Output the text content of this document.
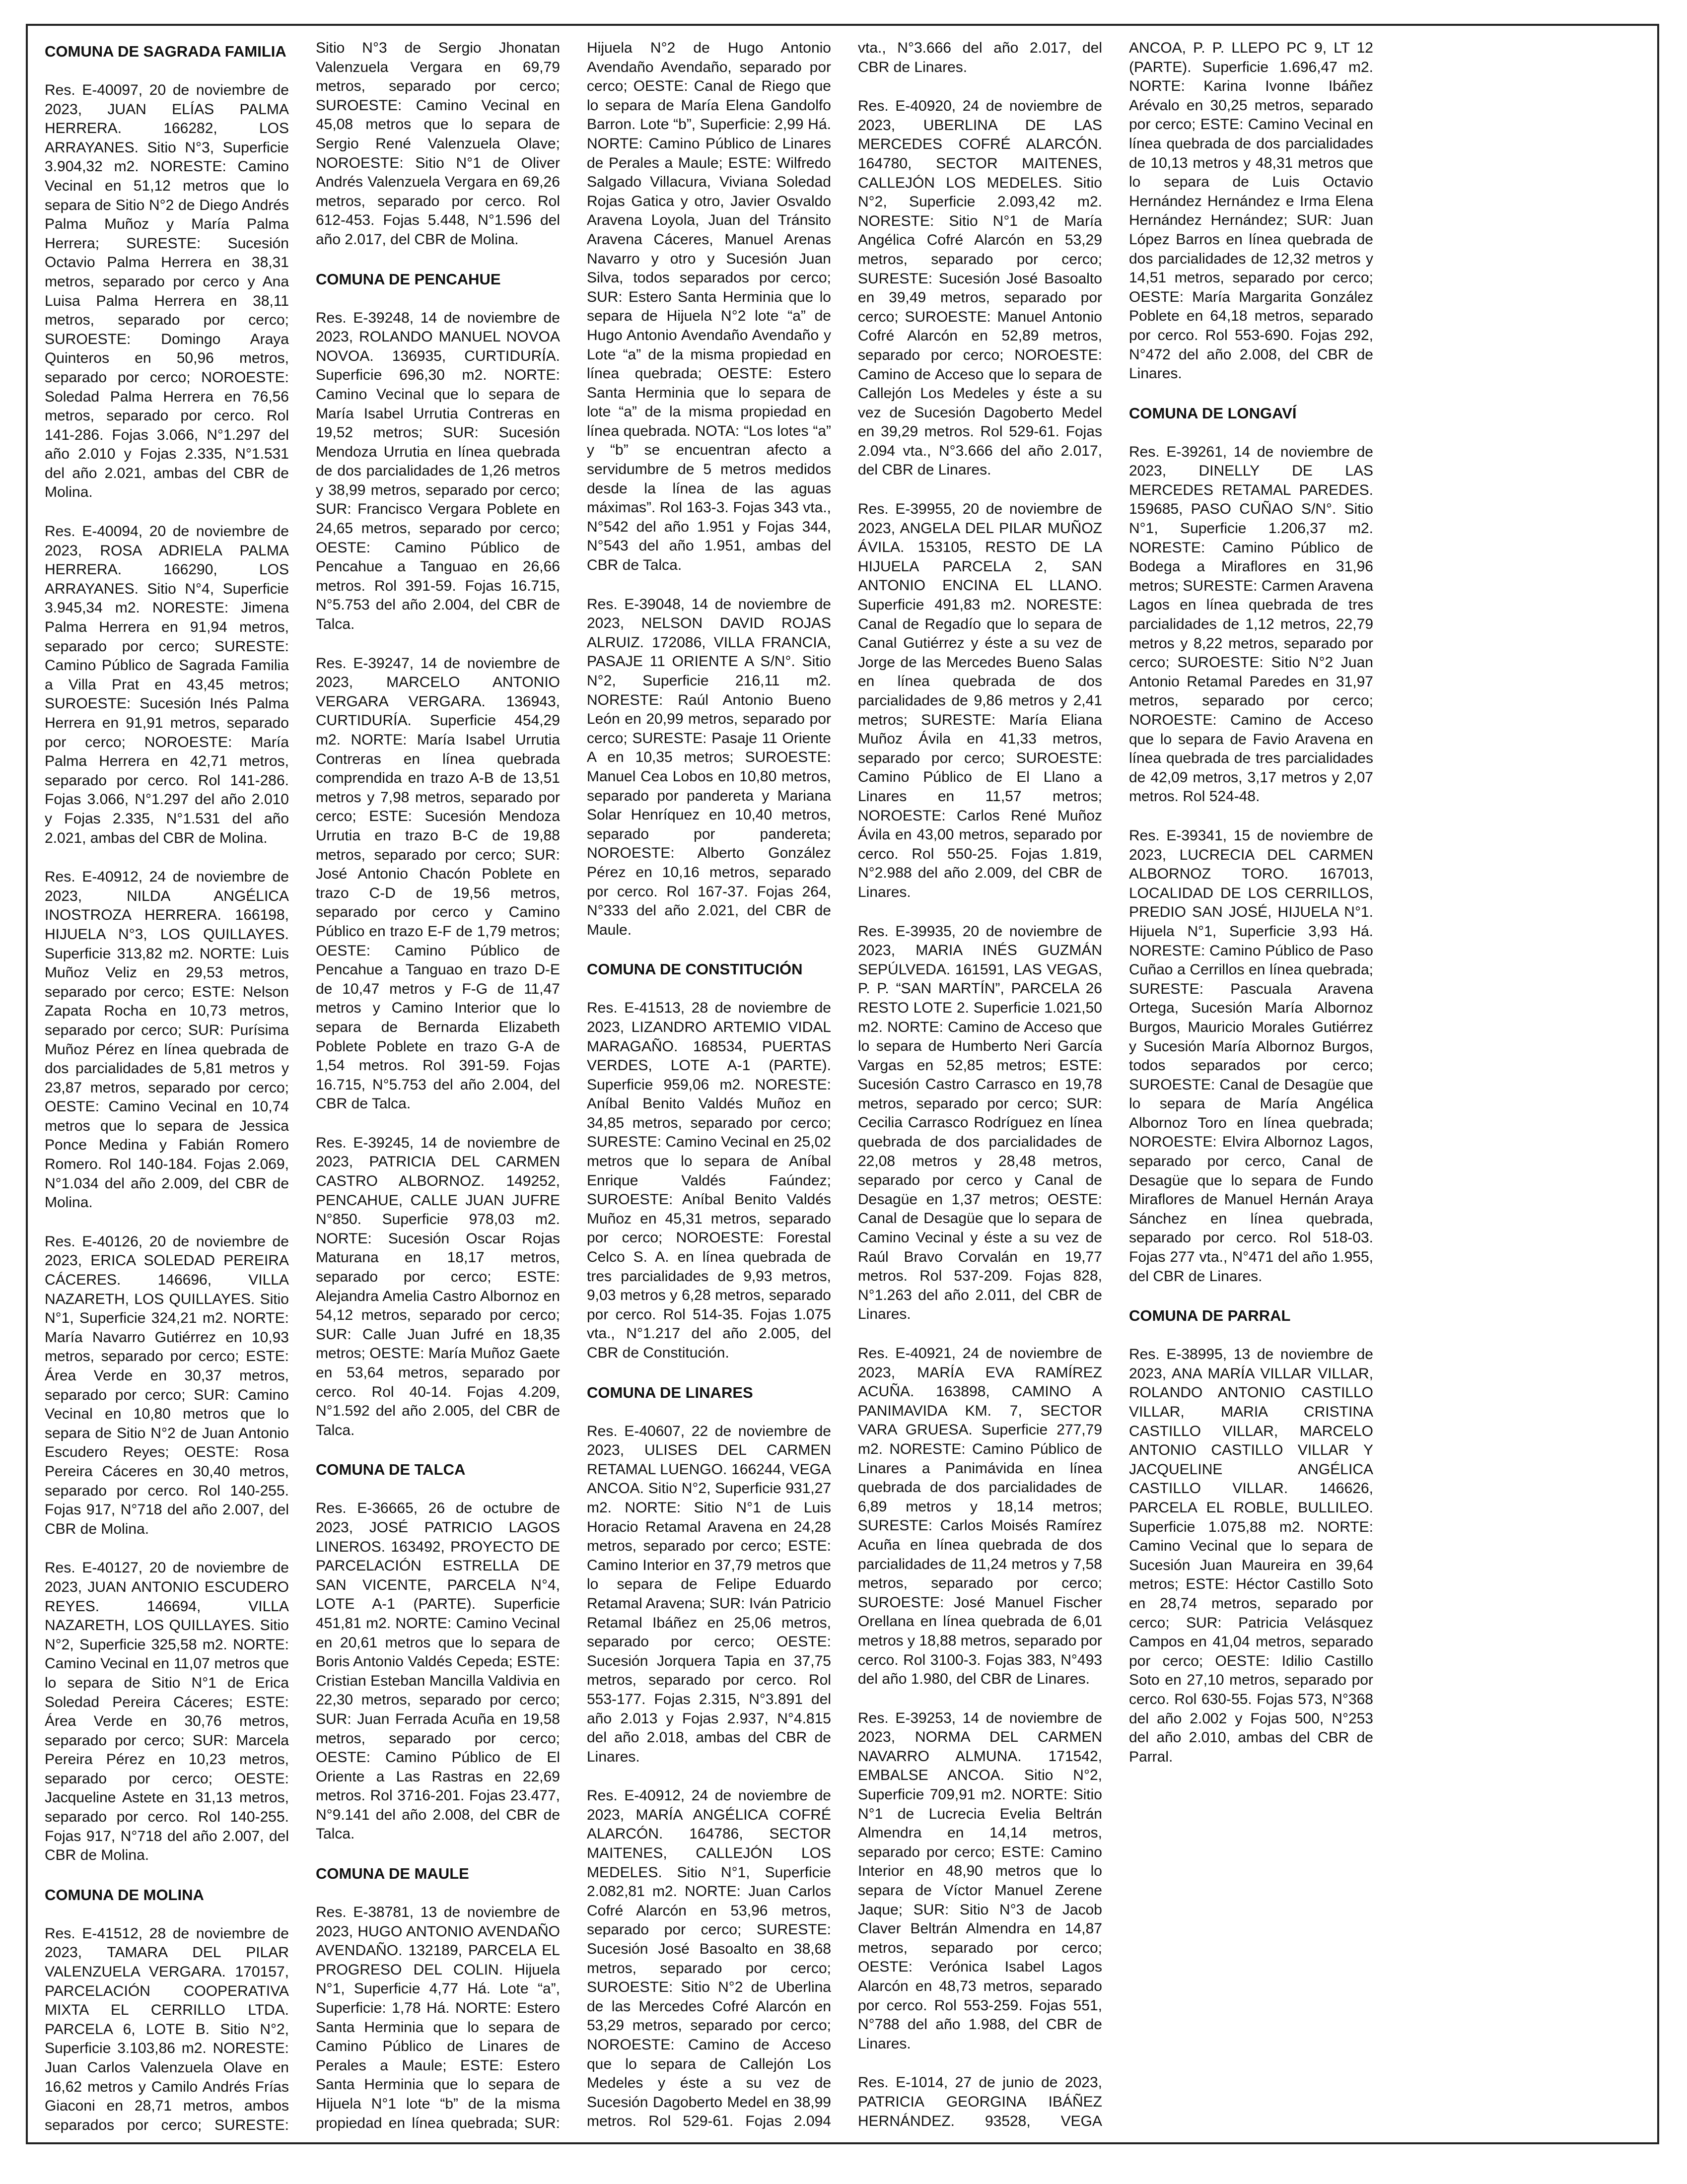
COMUNA DE SAGRADA FAMILIA

Res. E-40097, 20 de noviembre de 2023, JUAN ELÍAS PALMA HERRERA. 166282, LOS ARRAYANES. Sitio N°3, Superficie 3.904,32 m2. NORESTE: Camino Vecinal en 51,12 metros que lo separa de Sitio N°2 de Diego Andrés Palma Muñoz y María Palma Herrera; SURESTE: Sucesión Octavio Palma Herrera en 38,31 metros, separado por cerco y Ana Luisa Palma Herrera en 38,11 metros, separado por cerco; SUROESTE: Domingo Araya Quinteros en 50,96 metros, separado por cerco; NOROESTE: Soledad Palma Herrera en 76,56 metros, separado por cerco. Rol 141-286. Fojas 3.066, N°1.297 del año 2.010 y Fojas 2.335, N°1.531 del año 2.021, ambas del CBR de Molina.

Res. E-40094, 20 de noviembre de 2023, ROSA ADRIELA PALMA HERRERA. 166290, LOS ARRAYANES. Sitio N°4, Superficie 3.945,34 m2. NORESTE: Jimena Palma Herrera en 91,94 metros, separado por cerco; SURESTE: Camino Público de Sagrada Familia a Villa Prat en 43,45 metros; SUROESTE: Sucesión Inés Palma Herrera en 91,91 metros, separado por cerco; NOROESTE: María Palma Herrera en 42,71 metros, separado por cerco. Rol 141-286. Fojas 3.066, N°1.297 del año 2.010 y Fojas 2.335, N°1.531 del año 2.021, ambas del CBR de Molina.

Res. E-40912, 24 de noviembre de 2023, NILDA ANGÉLICA INOSTROZA HERRERA. 166198, HIJUELA N°3, LOS QUILLAYES. Superficie 313,82 m2. NORTE: Luis Muñoz Veliz en 29,53 metros, separado por cerco; ESTE: Nelson Zapata Rocha en 10,73 metros, separado por cerco; SUR: Purísima Muñoz Pérez en línea quebrada de dos parcialidades de 5,81 metros y 23,87 metros, separado por cerco; OESTE: Camino Vecinal en 10,74 metros que lo separa de Jessica Ponce Medina y Fabián Romero Romero. Rol 140-184. Fojas 2.069, N°1.034 del año 2.009, del CBR de Molina.

Res. E-40126, 20 de noviembre de 2023, ERICA SOLEDAD PEREIRA CÁCERES. 146696, VILLA NAZARETH, LOS QUILLAYES. Sitio N°1, Superficie 324,21 m2. NORTE: María Navarro Gutiérrez en 10,93 metros, separado por cerco; ESTE: Área Verde en 30,37 metros, separado por cerco; SUR: Camino Vecinal en 10,80 metros que lo separa de Sitio N°2 de Juan Antonio Escudero Reyes; OESTE: Rosa Pereira Cáceres en 30,40 metros, separado por cerco. Rol 140-255. Fojas 917, N°718 del año 2.007, del CBR de Molina.

Res. E-40127, 20 de noviembre de 2023, JUAN ANTONIO ESCUDERO REYES. 146694, VILLA NAZARETH, LOS QUILLAYES. Sitio N°2, Superficie 325,58 m2. NORTE: Camino Vecinal en 11,07 metros que lo separa de Sitio N°1 de Erica Soledad Pereira Cáceres; ESTE: Área Verde en 30,76 metros, separado por cerco; SUR: Marcela Pereira Pérez en 10,23 metros, separado por cerco; OESTE: Jacqueline Astete en 31,13 metros, separado por cerco. Rol 140-255. Fojas 917, N°718 del año 2.007, del CBR de Molina.

COMUNA DE MOLINA

Res. E-41512, 28 de noviembre de 2023, TAMARA DEL PILAR VALENZUELA VERGARA. 170157, PARCELACIÓN COOPERATIVA MIXTA EL CERRILLO LTDA. PARCELA 6, LOTE B. Sitio N°2, Superficie 3.103,86 m2. NORESTE: Juan Carlos Valenzuela Olave en 16,62 metros y Camilo Andrés Frías Giaconi en 28,71 metros, ambos separados por cerco; SURESTE: Sitio N°3 de Sergio Jhonatan Valenzuela Vergara en 69,79 metros, separado por cerco; SUROESTE: Camino Vecinal en 45,08 metros que lo separa de Sergio René Valenzuela Olave; NOROESTE: Sitio N°1 de Oliver Andrés Valenzuela Vergara en 69,26 metros, separado por cerco. Rol 612-453. Fojas 5.448, N°1.596 del año 2.017, del CBR de Molina.

COMUNA DE PENCAHUE

Res. E-39248, 14 de noviembre de 2023, ROLANDO MANUEL NOVOA NOVOA. 136935, CURTIDURÍA. Superficie 696,30 m2. NORTE: Camino Vecinal que lo separa de María Isabel Urrutia Contreras en 19,52 metros; SUR: Sucesión Mendoza Urrutia en línea quebrada de dos parcialidades de 1,26 metros y 38,99 metros, separado por cerco; SUR: Francisco Vergara Poblete en 24,65 metros, separado por cerco; OESTE: Camino Público de Pencahue a Tanguao en 26,66 metros. Rol 391-59. Fojas 16.715, N°5.753 del año 2.004, del CBR de Talca.

Res. E-39247, 14 de noviembre de 2023, MARCELO ANTONIO VERGARA VERGARA. 136943, CURTIDURÍA. Superficie 454,29 m2. NORTE: María Isabel Urrutia Contreras en línea quebrada comprendida en trazo A-B de 13,51 metros y 7,98 metros, separado por cerco; ESTE: Sucesión Mendoza Urrutia en trazo B-C de 19,88 metros, separado por cerco; SUR: José Antonio Chacón Poblete en trazo C-D de 19,56 metros, separado por cerco y Camino Público en trazo E-F de 1,79 metros; OESTE: Camino Público de Pencahue a Tanguao en trazo D-E de 10,47 metros y F-G de 11,47 metros y Camino Interior que lo separa de Bernarda Elizabeth Poblete Poblete en trazo G-A de 1,54 metros. Rol 391-59. Fojas 16.715, N°5.753 del año 2.004, del CBR de Talca.

Res. E-39245, 14 de noviembre de 2023, PATRICIA DEL CARMEN CASTRO ALBORNOZ. 149252, PENCAHUE, CALLE JUAN JUFRE N°850. Superficie 978,03 m2. NORTE: Sucesión Oscar Rojas Maturana en 18,17 metros, separado por cerco; ESTE: Alejandra Amelia Castro Albornoz en 54,12 metros, separado por cerco; SUR: Calle Juan Jufré en 18,35 metros; OESTE: María Muñoz Gaete en 53,64 metros, separado por cerco. Rol 40-14. Fojas 4.209, N°1.592 del año 2.005, del CBR de Talca.

COMUNA DE TALCA

Res. E-36665, 26 de octubre de 2023, JOSÉ PATRICIO LAGOS LINEROS. 163492, PROYECTO DE PARCELACIÓN ESTRELLA DE SAN VICENTE, PARCELA N°4, LOTE A-1 (PARTE). Superficie 451,81 m2. NORTE: Camino Vecinal en 20,61 metros que lo separa de Boris Antonio Valdés Cepeda; ESTE: Cristian Esteban Mancilla Valdivia en 22,30 metros, separado por cerco; SUR: Juan Ferrada Acuña en 19,58 metros, separado por cerco; OESTE: Camino Público de El Oriente a Las Rastras en 22,69 metros. Rol 3716-201. Fojas 23.477, N°9.141 del año 2.008, del CBR de Talca.

COMUNA DE MAULE

Res. E-38781, 13 de noviembre de 2023, HUGO ANTONIO AVENDAÑO AVENDAÑO. 132189, PARCELA EL PROGRESO DEL COLIN. Hijuela N°1, Superficie 4,77 Há. Lote “a”, Superficie: 1,78 Há. NORTE: Estero Santa Herminia que lo separa de Camino Público de Linares de Perales a Maule; ESTE: Estero Santa Herminia que lo separa de Hijuela N°1 lote “b” de la misma propiedad en línea quebrada; SUR: Hijuela N°2 de Hugo Antonio Avendaño Avendaño, separado por cerco; OESTE: Canal de Riego que lo separa de María Elena Gandolfo Barron. Lote “b”, Superficie: 2,99 Há. NORTE: Camino Público de Linares de Perales a Maule; ESTE: Wilfredo Salgado Villacura, Viviana Soledad Rojas Gatica y otro, Javier Osvaldo Aravena Loyola, Juan del Tránsito Aravena Cáceres, Manuel Arenas Navarro y otro y Sucesión Juan Silva, todos separados por cerco; SUR: Estero Santa Herminia que lo separa de Hijuela N°2 lote “a” de Hugo Antonio Avendaño Avendaño y Lote “a” de la misma propiedad en línea quebrada; OESTE: Estero Santa Herminia que lo separa de lote “a” de la misma propiedad en línea quebrada. NOTA: “Los lotes “a” y “b” se encuentran afecto a servidumbre de 5 metros medidos desde la línea de las aguas máximas”. Rol 163-3. Fojas 343 vta., N°542 del año 1.951 y Fojas 344, N°543 del año 1.951, ambas del CBR de Talca.

Res. E-39048, 14 de noviembre de 2023, NELSON DAVID ROJAS ALRUIZ. 172086, VILLA FRANCIA, PASAJE 11 ORIENTE A S/N°. Sitio N°2, Superficie 216,11 m2. NORESTE: Raúl Antonio Bueno León en 20,99 metros, separado por cerco; SURESTE: Pasaje 11 Oriente A en 10,35 metros; SUROESTE: Manuel Cea Lobos en 10,80 metros, separado por pandereta y Mariana Solar Henríquez en 10,40 metros, separado por pandereta; NOROESTE: Alberto González Pérez en 10,16 metros, separado por cerco. Rol 167-37. Fojas 264, N°333 del año 2.021, del CBR de Maule.

COMUNA DE CONSTITUCIÓN

Res. E-41513, 28 de noviembre de 2023, LIZANDRO ARTEMIO VIDAL MARAGAÑO. 168534, PUERTAS VERDES, LOTE A-1 (PARTE). Superficie 959,06 m2. NORESTE: Aníbal Benito Valdés Muñoz en 34,85 metros, separado por cerco; SURESTE: Camino Vecinal en 25,02 metros que lo separa de Aníbal Enrique Valdés Faúndez; SUROESTE: Aníbal Benito Valdés Muñoz en 45,31 metros, separado por cerco; NOROESTE: Forestal Celco S. A. en línea quebrada de tres parcialidades de 9,93 metros, 9,03 metros y 6,28 metros, separado por cerco. Rol 514-35. Fojas 1.075 vta., N°1.217 del año 2.005, del CBR de Constitución.

COMUNA DE LINARES

Res. E-40607, 22 de noviembre de 2023, ULISES DEL CARMEN RETAMAL LUENGO. 166244, VEGA ANCOA. Sitio N°2, Superficie 931,27 m2. NORTE: Sitio N°1 de Luis Horacio Retamal Aravena en 24,28 metros, separado por cerco; ESTE: Camino Interior en 37,79 metros que lo separa de Felipe Eduardo Retamal Aravena; SUR: Iván Patricio Retamal Ibáñez en 25,06 metros, separado por cerco; OESTE: Sucesión Jorquera Tapia en 37,75 metros, separado por cerco. Rol 553-177. Fojas 2.315, N°3.891 del año 2.013 y Fojas 2.937, N°4.815 del año 2.018, ambas del CBR de Linares.

Res. E-40912, 24 de noviembre de 2023, MARÍA ANGÉLICA COFRÉ ALARCÓN. 164786, SECTOR MAITENES, CALLEJÓN LOS MEDELES. Sitio N°1, Superficie 2.082,81 m2. NORTE: Juan Carlos Cofré Alarcón en 53,96 metros, separado por cerco; SURESTE: Sucesión José Basoalto en 38,68 metros, separado por cerco; SUROESTE: Sitio N°2 de Uberlina de las Mercedes Cofré Alarcón en 53,29 metros, separado por cerco; NOROESTE: Camino de Acceso que lo separa de Callejón Los Medeles y éste a su vez de Sucesión Dagoberto Medel en 38,99 metros. Rol 529-61. Fojas 2.094 vta., N°3.666 del año 2.017, del CBR de Linares.

Res. E-40920, 24 de noviembre de 2023, UBERLINA DE LAS MERCEDES COFRÉ ALARCÓN. 164780, SECTOR MAITENES, CALLEJÓN LOS MEDELES. Sitio N°2, Superficie 2.093,42 m2. NORESTE: Sitio N°1 de María Angélica Cofré Alarcón en 53,29 metros, separado por cerco; SURESTE: Sucesión José Basoalto en 39,49 metros, separado por cerco; SUROESTE: Manuel Antonio Cofré Alarcón en 52,89 metros, separado por cerco; NOROESTE: Camino de Acceso que lo separa de Callejón Los Medeles y éste a su vez de Sucesión Dagoberto Medel en 39,29 metros. Rol 529-61. Fojas 2.094 vta., N°3.666 del año 2.017, del CBR de Linares.

Res. E-39955, 20 de noviembre de 2023, ANGELA DEL PILAR MUÑOZ ÁVILA. 153105, RESTO DE LA HIJUELA PARCELA 2, SAN ANTONIO ENCINA EL LLANO. Superficie 491,83 m2. NORESTE: Canal de Regadío que lo separa de Canal Gutiérrez y éste a su vez de Jorge de las Mercedes Bueno Salas en línea quebrada de dos parcialidades de 9,86 metros y 2,41 metros; SURESTE: María Eliana Muñoz Ávila en 41,33 metros, separado por cerco; SUROESTE: Camino Público de El Llano a Linares en 11,57 metros; NOROESTE: Carlos René Muñoz Ávila en 43,00 metros, separado por cerco. Rol 550-25. Fojas 1.819, N°2.988 del año 2.009, del CBR de Linares.

Res. E-39935, 20 de noviembre de 2023, MARIA INÉS GUZMÁN SEPÚLVEDA. 161591, LAS VEGAS, P. P. “SAN MARTÍN”, PARCELA 26 RESTO LOTE 2. Superficie 1.021,50 m2. NORTE: Camino de Acceso que lo separa de Humberto Neri García Vargas en 52,85 metros; ESTE: Sucesión Castro Carrasco en 19,78 metros, separado por cerco; SUR: Cecilia Carrasco Rodríguez en línea quebrada de dos parcialidades de 22,08 metros y 28,48 metros, separado por cerco y Canal de Desagüe en 1,37 metros; OESTE: Canal de Desagüe que lo separa de Camino Vecinal y éste a su vez de Raúl Bravo Corvalán en 19,77 metros. Rol 537-209. Fojas 828, N°1.263 del año 2.011, del CBR de Linares.

Res. E-40921, 24 de noviembre de 2023, MARÍA EVA RAMÍREZ ACUÑA. 163898, CAMINO A PANIMAVIDA KM. 7, SECTOR VARA GRUESA. Superficie 277,79 m2. NORESTE: Camino Público de Linares a Panimávida en línea quebrada de dos parcialidades de 6,89 metros y 18,14 metros; SURESTE: Carlos Moisés Ramírez Acuña en línea quebrada de dos parcialidades de 11,24 metros y 7,58 metros, separado por cerco; SUROESTE: José Manuel Fischer Orellana en línea quebrada de 6,01 metros y 18,88 metros, separado por cerco. Rol 3100-3. Fojas 383, N°493 del año 1.980, del CBR de Linares.

Res. E-39253, 14 de noviembre de 2023, NORMA DEL CARMEN NAVARRO ALMUNA. 171542, EMBALSE ANCOA. Sitio N°2, Superficie 709,91 m2. NORTE: Sitio N°1 de Lucrecia Evelia Beltrán Almendra en 14,14 metros, separado por cerco; ESTE: Camino Interior en 48,90 metros que lo separa de Víctor Manuel Zerene Jaque; SUR: Sitio N°3 de Jacob Claver Beltrán Almendra en 14,87 metros, separado por cerco; OESTE: Verónica Isabel Lagos Alarcón en 48,73 metros, separado por cerco. Rol 553-259. Fojas 551, N°788 del año 1.988, del CBR de Linares.

Res. E-1014, 27 de junio de 2023, PATRICIA GEORGINA IBÁÑEZ HERNÁNDEZ. 93528, VEGA ANCOA, P. P. LLEPO PC 9, LT 12 (PARTE). Superficie 1.696,47 m2. NORTE: Karina Ivonne Ibáñez Arévalo en 30,25 metros, separado por cerco; ESTE: Camino Vecinal en línea quebrada de dos parcialidades de 10,13 metros y 48,31 metros que lo separa de Luis Octavio Hernández Hernández e Irma Elena Hernández Hernández; SUR: Juan López Barros en línea quebrada de dos parcialidades de 12,32 metros y 14,51 metros, separado por cerco; OESTE: María Margarita González Poblete en 64,18 metros, separado por cerco. Rol 553-690. Fojas 292, N°472 del año 2.008, del CBR de Linares.

COMUNA DE LONGAVÍ

Res. E-39261, 14 de noviembre de 2023, DINELLY DE LAS MERCEDES RETAMAL PAREDES. 159685, PASO CUÑAO S/N°. Sitio N°1, Superficie 1.206,37 m2. NORESTE: Camino Público de Bodega a Miraflores en 31,96 metros; SURESTE: Carmen Aravena Lagos en línea quebrada de tres parcialidades de 1,12 metros, 22,79 metros y 8,22 metros, separado por cerco; SUROESTE: Sitio N°2 Juan Antonio Retamal Paredes en 31,97 metros, separado por cerco; NOROESTE: Camino de Acceso que lo separa de Favio Aravena en línea quebrada de tres parcialidades de 42,09 metros, 3,17 metros y 2,07 metros. Rol 524-48.

Res. E-39341, 15 de noviembre de 2023, LUCRECIA DEL CARMEN ALBORNOZ TORO. 167013, LOCALIDAD DE LOS CERRILLOS, PREDIO SAN JOSÉ, HIJUELA N°1. Hijuela N°1, Superficie 3,93 Há. NORESTE: Camino Público de Paso Cuñao a Cerrillos en línea quebrada; SURESTE: Pascuala Aravena Ortega, Sucesión María Albornoz Burgos, Mauricio Morales Gutiérrez y Sucesión María Albornoz Burgos, todos separados por cerco; SUROESTE: Canal de Desagüe que lo separa de María Angélica Albornoz Toro en línea quebrada; NOROESTE: Elvira Albornoz Lagos, separado por cerco, Canal de Desagüe que lo separa de Fundo Miraflores de Manuel Hernán Araya Sánchez en línea quebrada, separado por cerco. Rol 518-03. Fojas 277 vta., N°471 del año 1.955, del CBR de Linares.

COMUNA DE PARRAL

Res. E-38995, 13 de noviembre de 2023, ANA MARÍA VILLAR VILLAR, ROLANDO ANTONIO CASTILLO VILLAR, MARIA CRISTINA CASTILLO VILLAR, MARCELO ANTONIO CASTILLO VILLAR Y JACQUELINE ANGÉLICA CASTILLO VILLAR. 146626, PARCELA EL ROBLE, BULLILEO. Superficie 1.075,88 m2. NORTE: Camino Vecinal que lo separa de Sucesión Juan Maureira en 39,64 metros; ESTE: Héctor Castillo Soto en 28,74 metros, separado por cerco; SUR: Patricia Velásquez Campos en 41,04 metros, separado por cerco; OESTE: Idilio Castillo Soto en 27,10 metros, separado por cerco. Rol 630-55. Fojas 573, N°368 del año 2.002 y Fojas 500, N°253 del año 2.010, ambas del CBR de Parral.
